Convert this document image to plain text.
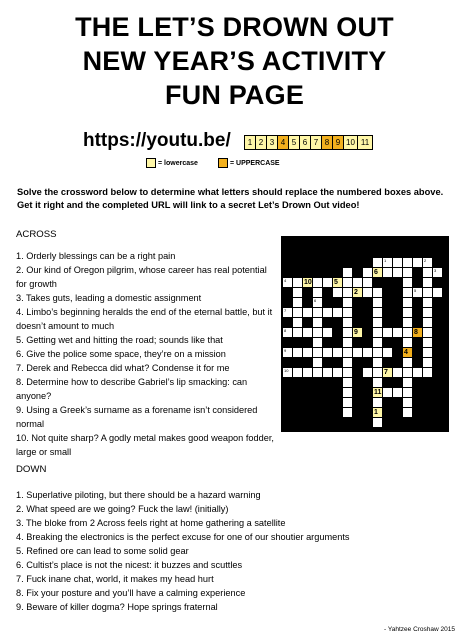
THE LET’S DROWN OUT
NEW YEAR’S ACTIVITY
FUN PAGE
https://youtu.be/	1 2 3 4 5 6 7 8 9 10 11
= lowercase	= UPPERCASE
Solve the crossword below to determine what letters should replace the numbered boxes above.
Get it right and the completed URL will link to a secret Let’s Drown Out video!
ACROSS
1. Orderly blessings can be a right pain
2. Our kind of Oregon pilgrim, whose career has real potential for growth
3. Takes guts, leading a domestic assignment
4. Limbo’s beginning heralds the end of the eternal battle, but it doesn’t amount to much
5. Getting wet and hitting the road; sounds like that
6. Give the police some space, they’re on a mission
7. Derek and Rebecca did what? Condense it for me
8. Determine how to describe Gabriel’s lip smacking: can anyone?
9. Using a Greek’s surname as a forename isn’t considered normal
10. Not quite sharp? A godly metal makes good weapon fodder, large or small
DOWN
1. Superlative piloting, but there should be a hazard warning
2. What speed are we going? Fuck the law! (initially)
3. The bloke from 2 Across feels right at home gathering a satellite
4. Breaking the electronics is the perfect excuse for one of our shoutier arguments
5. Refined ore can lead to some solid gear
6. Cultist’s place is not the nicest: it buzzes and scuttles
7. Fuck inane chat, world, it makes my head hurt
8. Fix your posture and you’ll have a calming experience
9. Beware of killer dogma? Hope springs fraternal
6
10	5
2
9	8
4
7
11
1
1	2
3
4
5
6
7
8
9
10
- Yahtzee Croshaw 2015
